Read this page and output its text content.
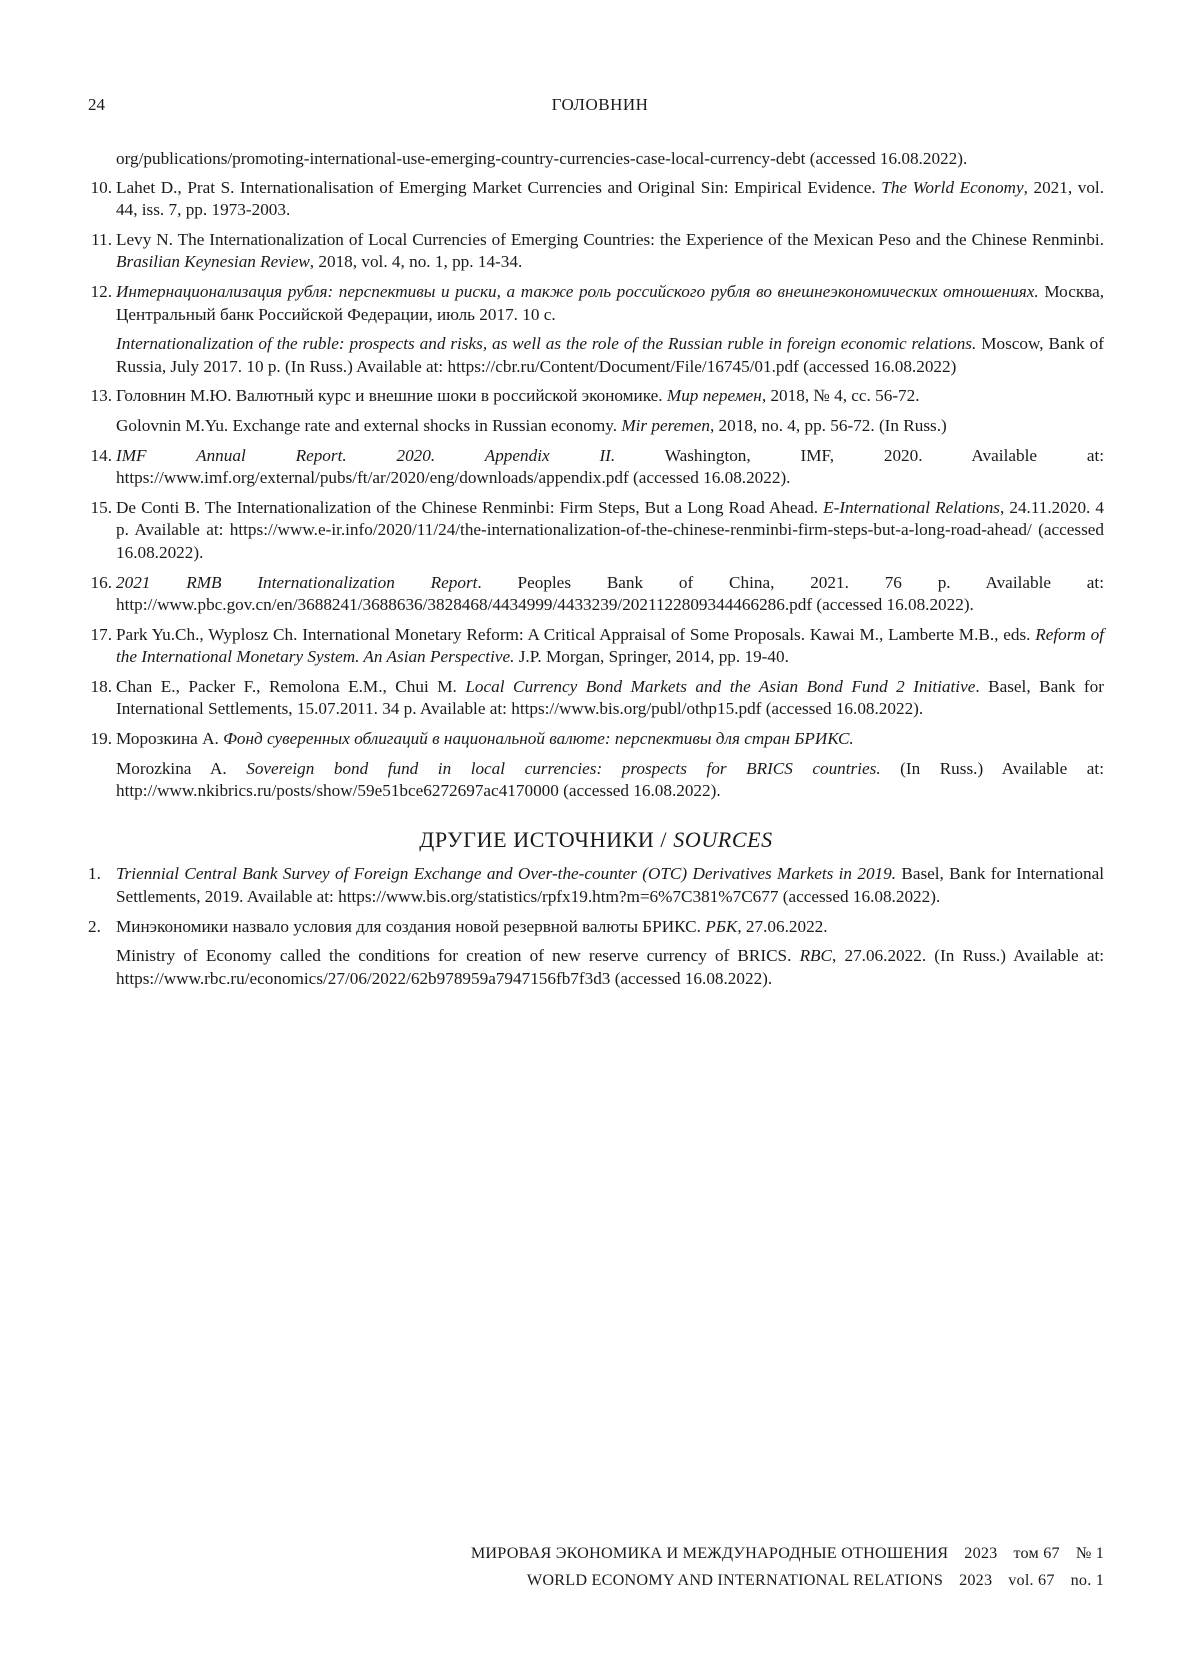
24	ГОЛОВНИН
org/publications/promoting-international-use-emerging-country-currencies-case-local-currency-debt (accessed 16.08.2022).
10. Lahet D., Prat S. Internationalisation of Emerging Market Currencies and Original Sin: Empirical Evidence. The World Economy, 2021, vol. 44, iss. 7, pp. 1973-2003.
11. Levy N. The Internationalization of Local Currencies of Emerging Countries: the Experience of the Mexican Peso and the Chinese Renminbi. Brasilian Keynesian Review, 2018, vol. 4, no. 1, pp. 14-34.
12. Интернационализация рубля: перспективы и риски, а также роль российского рубля во внешнеэкономических отношениях. Москва, Центральный банк Российской Федерации, июль 2017. 10 с.
Internationalization of the ruble: prospects and risks, as well as the role of the Russian ruble in foreign economic relations. Moscow, Bank of Russia, July 2017. 10 p. (In Russ.) Available at: https://cbr.ru/Content/Document/File/16745/01.pdf (accessed 16.08.2022)
13. Головнин М.Ю. Валютный курс и внешние шоки в российской экономике. Мир перемен, 2018, № 4, сс. 56-72.
Golovnin M.Yu. Exchange rate and external shocks in Russian economy. Mir peremen, 2018, no. 4, pp. 56-72. (In Russ.)
14. IMF Annual Report. 2020. Appendix II. Washington, IMF, 2020. Available at: https://www.imf.org/external/pubs/ft/ar/2020/eng/downloads/appendix.pdf (accessed 16.08.2022).
15. De Conti B. The Internationalization of the Chinese Renminbi: Firm Steps, But a Long Road Ahead. E-International Relations, 24.11.2020. 4 p. Available at: https://www.e-ir.info/2020/11/24/the-internationalization-of-the-chinese-renminbi-firm-steps-but-a-long-road-ahead/ (accessed 16.08.2022).
16. 2021 RMB Internationalization Report. Peoples Bank of China, 2021. 76 p. Available at: http://www.pbc.gov.cn/en/3688241/3688636/3828468/4434999/4433239/2021122809344466286.pdf (accessed 16.08.2022).
17. Park Yu.Ch., Wyplosz Ch. International Monetary Reform: A Critical Appraisal of Some Proposals. Kawai M., Lamberte M.B., eds. Reform of the International Monetary System. An Asian Perspective. J.P. Morgan, Springer, 2014, pp. 19-40.
18. Chan E., Packer F., Remolona E.M., Chui M. Local Currency Bond Markets and the Asian Bond Fund 2 Initiative. Basel, Bank for International Settlements, 15.07.2011. 34 p. Available at: https://www.bis.org/publ/othp15.pdf (accessed 16.08.2022).
19. Морозкина А. Фонд суверенных облигаций в национальной валюте: перспективы для стран БРИКС.
Morozkina A. Sovereign bond fund in local currencies: prospects for BRICS countries. (In Russ.) Available at: http://www.nkibrics.ru/posts/show/59e51bce6272697ac4170000 (accessed 16.08.2022).
ДРУГИЕ ИСТОЧНИКИ / SOURCES
1. Triennial Central Bank Survey of Foreign Exchange and Over-the-counter (OTC) Derivatives Markets in 2019. Basel, Bank for International Settlements, 2019. Available at: https://www.bis.org/statistics/rpfx19.htm?m=6%7C381%7C677 (accessed 16.08.2022).
2. Минэкономики назвало условия для создания новой резервной валюты БРИКС. РБК, 27.06.2022.
Ministry of Economy called the conditions for creation of new reserve currency of BRICS. RBC, 27.06.2022. (In Russ.) Available at: https://www.rbc.ru/economics/27/06/2022/62b978959a7947156fb7f3d3 (accessed 16.08.2022).
МИРОВАЯ ЭКОНОМИКА И МЕЖДУНАРОДНЫЕ ОТНОШЕНИЯ 2023 том 67 № 1
WORLD ECONOMY AND INTERNATIONAL RELATIONS 2023 vol. 67 no. 1
